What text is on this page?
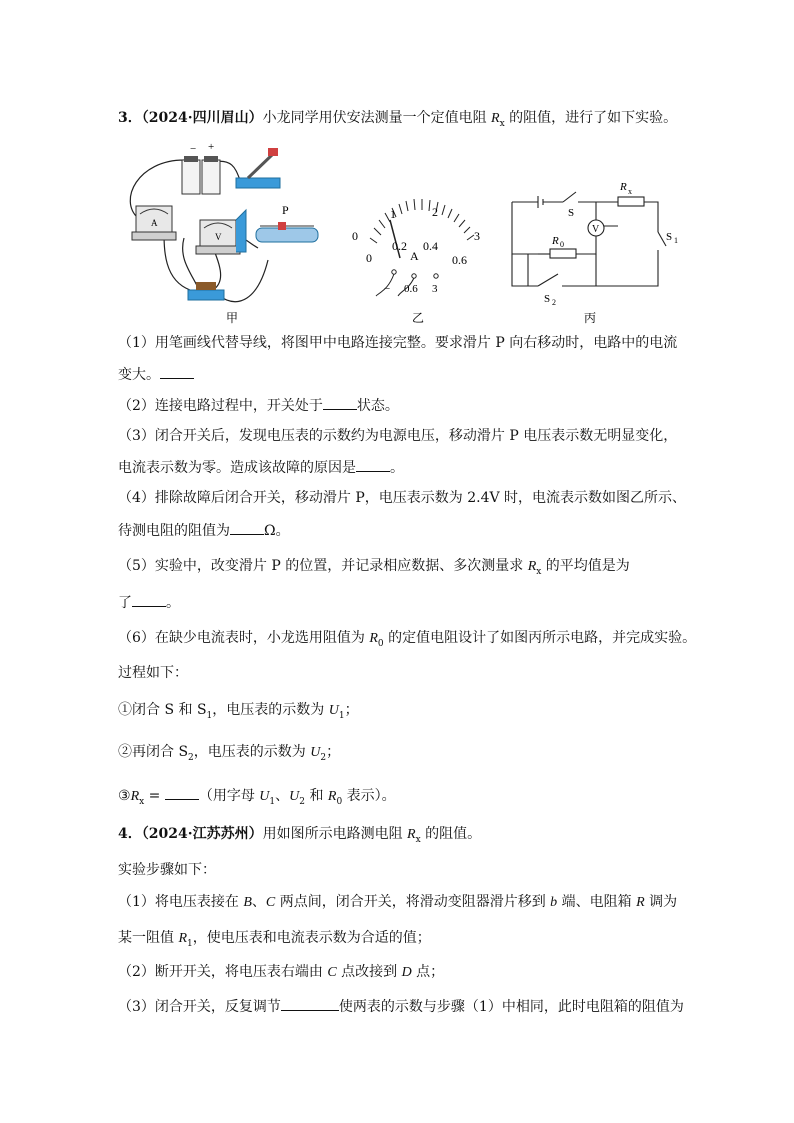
3．（2024·四川眉山）小龙同学用伏安法测量一个定值电阻 $R_x$ 的阻值，进行了如下实验。
− +
A
V
P
甲
0
1	2
3
0
0.2 0.4
0.6
A
− 0.6 3
乙
V
S
R x
R 0
S 1
S 2
丙
（1）用笔画线代替导线，将图甲中电路连接完整。要求滑片 P 向右移动时，电路中的电流
变大。
（2）连接电路过程中，开关处于 状态。
（3）闭合开关后，发现电压表的示数约为电源电压，移动滑片 P 电压表示数无明显变化，
电流表示数为零。造成该故障的原因是 。
（4）排除故障后闭合开关，移动滑片 P，电压表示数为 2.4V 时，电流表示数如图乙所示、
待测电阻的阻值为 Ω。
（5）实验中，改变滑片 P 的位置，并记录相应数据、多次测量求 $R_x$ 的平均值是为
了 。
（6）在缺少电流表时，小龙选用阻值为 $R_0$ 的定值电阻设计了如图丙所示电路，并完成实验。
过程如下：
①闭合 S 和 $S_1$，电压表的示数为 $U_1$；
②再闭合 $S_2$，电压表的示数为 $U_2$；
$③R_x$ = （用字母 $U_1$、$U_2$ 和 $R_0$ 表示）。
4．（2024·江苏苏州）用如图所示电路测电阻 $R_x$ 的阻值。
实验步骤如下：
（1）将电压表接在 B、C 两点间，闭合开关，将滑动变阻器滑片移到 b 端、电阻箱 R 调为
某一阻值 $R_1$，使电压表和电流表示数为合适的值；
（2）断开开关，将电压表右端由 C 点改接到 D 点；
（3）闭合开关，反复调节	使两表的示数与步骤（1）中相同，此时电阻箱的阻值为
